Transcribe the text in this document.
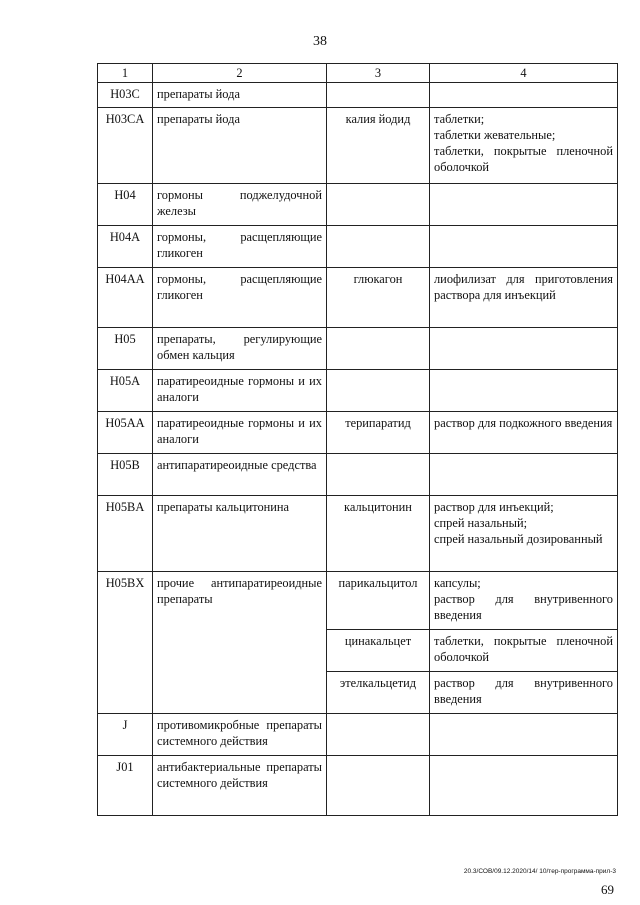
38
1	2	3	4
H03C	препараты йода		
H03CA	препараты йода	калия йодид	таблетки;
таблетки жевательные;
таблетки, покрытые пленочной оболочкой

H04	гормоны поджелудочной железы		
H04A	гормоны, расщепляющие гликоген		
H04AA	гормоны, расщепляющие гликоген	глюкагон	лиофилизат для приготовления раствора для инъекций

H05	препараты, регулирующие обмен кальция		
H05A	паратиреоидные гормоны и их аналоги		
H05AA	паратиреоидные гормоны и их аналоги	терипаратид	раствор для подкожного введения

H05B	антипаратиреоидные средства		
H05BA	препараты кальцитонина	кальцитонин	раствор для инъекций;
спрей назальный;
спрей назальный дозированный

H05BX	прочие антипаратиреоидные препараты	парикальцитол	капсулы;
раствор для внутривенного введения

		цинакальцет	таблетки, покрытые пленочной оболочкой

		этелкальцетид	раствор для внутривенного введения

J	противомикробные препараты системного действия		
J01	антибактериальные препараты системного действия		
20.3/СОВ/09.12.2020/14/ 10/тер-программа-прил-3
69
